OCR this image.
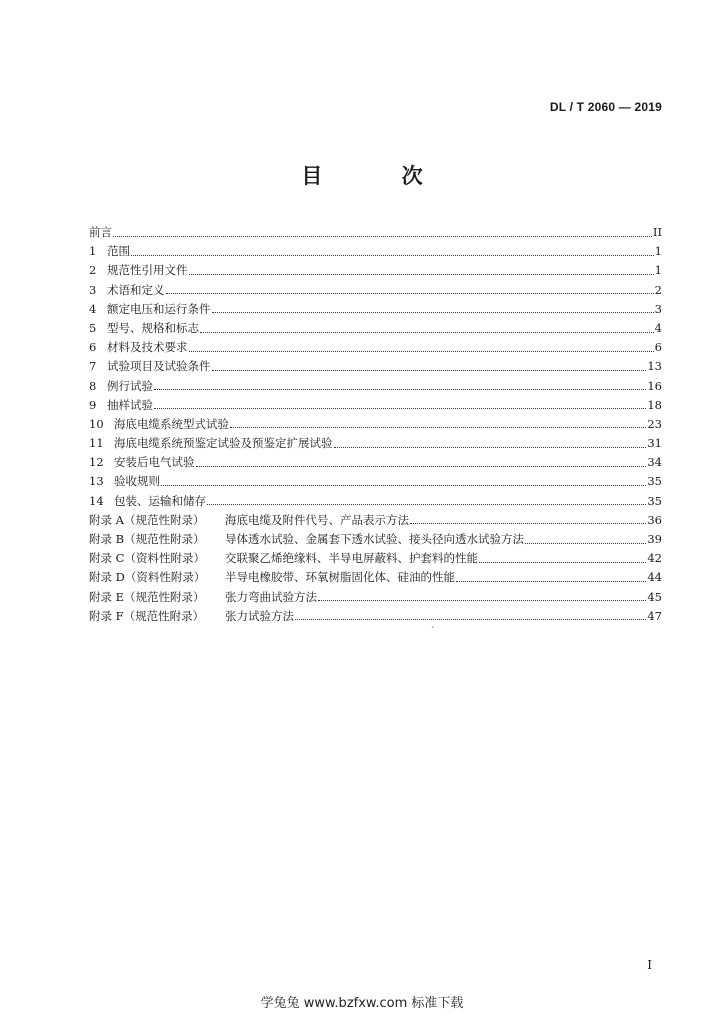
DL / T 2060 — 2019
目 次
前言	II
1 范围	1
2 规范性引用文件	1
3 术语和定义	2
4 额定电压和运行条件	3
5 型号、规格和标志	4
6 材料及技术要求	6
7 试验项目及试验条件	13
8 例行试验	16
9 抽样试验	18
10 海底电缆系统型式试验	23
11 海底电缆系统预鉴定试验及预鉴定扩展试验	31
12 安装后电气试验	34
13 验收规则	35
14 包装、运输和储存	35
附录 A（规范性附录）	海底电缆及附件代号、产品表示方法	36
附录 B（规范性附录）	导体透水试验、金属套下透水试验、接头径向透水试验方法	39
附录 C（资料性附录）	交联聚乙烯绝缘料、半导电屏蔽料、护套料的性能	42
附录 D（资料性附录）	半导电橡胶带、环氧树脂固化体、硅油的性能	44
附录 E（规范性附录）	张力弯曲试验方法	45
附录 F（规范性附录）	张力试验方法	47
ˊ
I
学兔兔 www.bzfxw.com 标准下载
